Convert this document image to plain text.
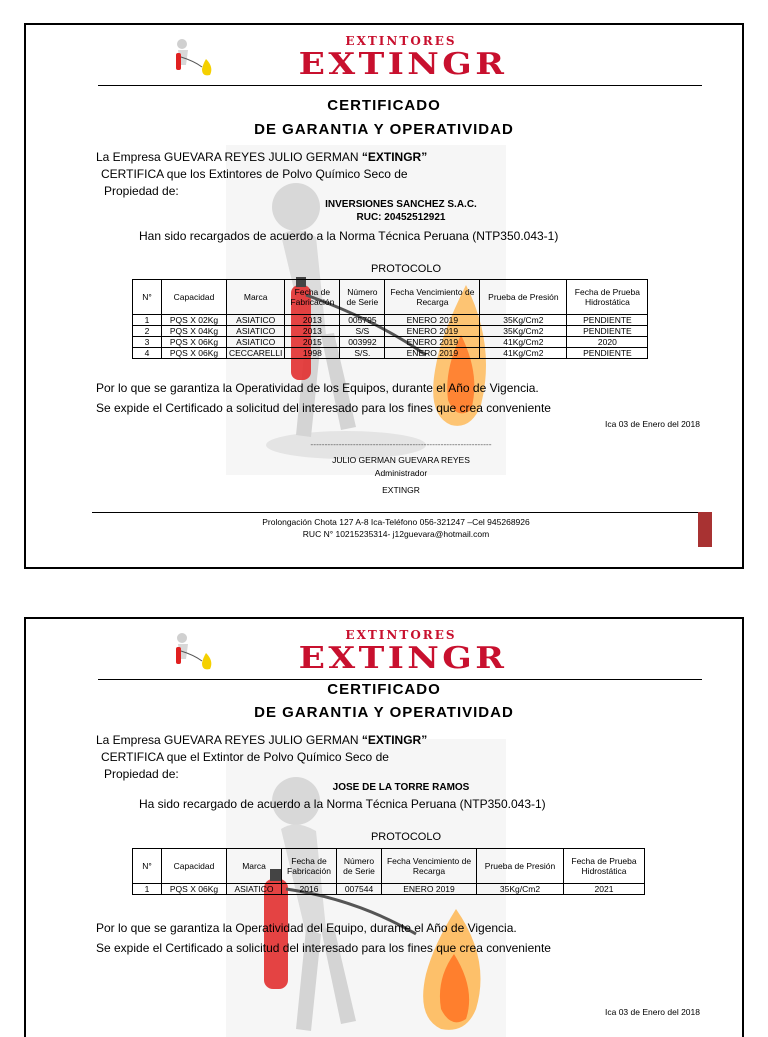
EXTINTORES
EXTINGR
CERTIFICADO
DE GARANTIA Y OPERATIVIDAD
La Empresa GUEVARA REYES JULIO GERMAN “EXTINGR”
CERTIFICA que los Extintores de Polvo Químico Seco de
Propiedad de:
INVERSIONES SANCHEZ S.A.C.
RUC: 20452512921
Han sido recargados de acuerdo a la Norma Técnica Peruana (NTP350.043-1)
PROTOCOLO
N°	Capacidad	Marca	Fecha de Fabricación	Número de Serie	Fecha Vencimiento de Recarga	Prueba de Presión	Fecha de Prueba Hidrostática
1	PQS X 02Kg	ASIATICO	2013	005795	ENERO 2019	35Kg/Cm2	PENDIENTE
2	PQS X 04Kg	ASIATICO	2013	S/S	ENERO 2019	35Kg/Cm2	PENDIENTE
3	PQS X 06Kg	ASIATICO	2015	003992	ENERO 2019	41Kg/Cm2	2020
4	PQS X 06Kg	CECCARELLI	1998	S/S.	ENERO 2019	41Kg/Cm2	PENDIENTE
Por lo que se garantiza la Operatividad de los Equipos, durante el Año de Vigencia.
Se expide el Certificado a solicitud del interesado para los fines que crea conveniente
Ica 03 de Enero del 2018
----------------------------------------------------------------
JULIO GERMAN GUEVARA REYES
Administrador
EXTINGR
Prolongación Chota 127 A-8 Ica-Teléfono 056-321247 –Cel 945268926
RUC N° 10215235314- j12guevara@hotmail.com
EXTINTORES
EXTINGR
CERTIFICADO
DE GARANTIA Y OPERATIVIDAD
La Empresa GUEVARA REYES JULIO GERMAN “EXTINGR”
CERTIFICA que el Extintor de Polvo Químico Seco de
Propiedad de:
JOSE DE LA TORRE RAMOS
Ha sido recargado de acuerdo a la Norma Técnica Peruana (NTP350.043-1)
PROTOCOLO
N°	Capacidad	Marca	Fecha de Fabricación	Número de Serie	Fecha Vencimiento de Recarga	Prueba de Presión	Fecha de Prueba Hidrostática
1	PQS X 06Kg	ASIATICO	2016	007544	ENERO 2019	35Kg/Cm2	2021
Por lo que se garantiza la Operatividad del Equipo, durante el Año de Vigencia.
Se expide el Certificado a solicitud del interesado para los fines que crea conveniente
Ica 03 de Enero del 2018
